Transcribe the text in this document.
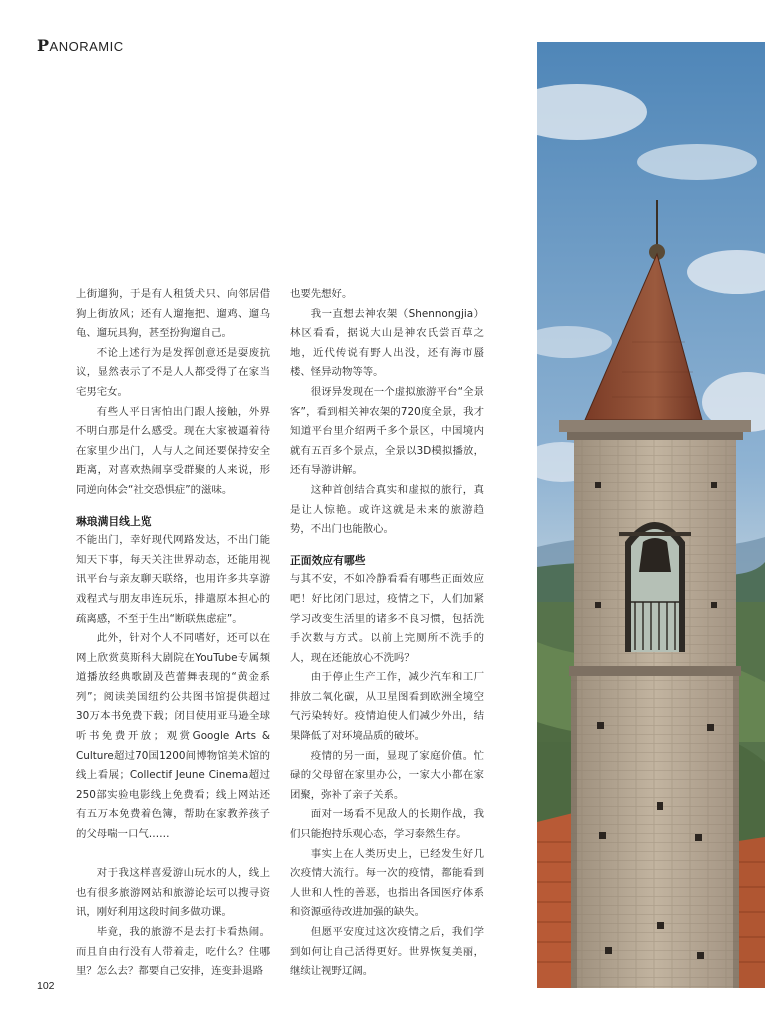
PANORAMIC

上街遛狗，于是有人租赁犬只、向邻居借狗上街放风；还有人遛拖把、遛鸡、遛乌龟、遛玩具狗，甚至扮狗遛自己。

不论上述行为是发挥创意还是耍废抗议，显然表示了不是人人都受得了在家当宅男宅女。

有些人平日害怕出门跟人接触，外界不明白那是什么感受。现在大家被逼着待在家里少出门，人与人之间还要保持安全距离，对喜欢热闹享受群聚的人来说，形同逆向体会“社交恐惧症”的滋味。

琳琅满目线上览

不能出门，幸好现代网路发达，不出门能知天下事，每天关注世界动态，还能用视讯平台与亲友聊天联络，也用许多共享游戏程式与朋友串连玩乐，排遣原本担心的疏离感，不至于生出“断联焦虑症”。

此外，针对个人不同嗜好，还可以在网上欣赏莫斯科大剧院在YouTube专属频道播放经典歌剧及芭蕾舞表现的“黄金系列”；阅读美国纽约公共图书馆提供超过30万本书免费下载；闭目使用亚马逊全球听书免费开放；观赏Google Arts & Culture超过70国1200间博物馆美术馆的线上看展；Collectif Jeune Cinema超过250部实验电影线上免费看；线上网站还有五万本免费着色簿，帮助在家教养孩子的父母喘一口气……

对于我这样喜爱游山玩水的人，线上也有很多旅游网站和旅游论坛可以搜寻资讯，刚好利用这段时间多做功课。

毕竟，我的旅游不是去打卡看热闹。而且自由行没有人带着走，吃什么？住哪里？怎么去？都要自己安排，连变卦退路

也要先想好。

我一直想去神农架（Shennongjia）林区看看，据说大山是神农氏尝百草之地，近代传说有野人出没，还有海市蜃楼、怪异动物等等。

很讶异发现在一个虚拟旅游平台“全景客”，看到相关神农架的720度全景，我才知道平台里介绍两千多个景区，中国境内就有五百多个景点，全景以3D模拟播放，还有导游讲解。

这种首创结合真实和虚拟的旅行，真是让人惊艳。或许这就是未来的旅游趋势，不出门也能散心。

正面效应有哪些

与其不安，不如冷静看看有哪些正面效应吧！好比闭门思过，疫情之下，人们加紧学习改变生活里的诸多不良习惯，包括洗手次数与方式。以前上完厕所不洗手的人，现在还能放心不洗吗？

由于停止生产工作，减少汽车和工厂排放二氧化碳，从卫星图看到欧洲全境空气污染转好。疫情迫使人们减少外出，结果降低了对环境品质的破坏。

疫情的另一面，显现了家庭价值。忙碌的父母留在家里办公，一家大小都在家团聚，弥补了亲子关系。

面对一场看不见敌人的长期作战，我们只能抱持乐观心态，学习泰然生存。

事实上在人类历史上，已经发生好几次疫情大流行。每一次的疫情，都能看到人世和人性的善恶，也指出各国医疗体系和资源亟待改进加强的缺失。

但愿平安度过这次疫情之后，我们学到如何让自己活得更好。世界恢复美丽，继续让视野辽阔。

102
